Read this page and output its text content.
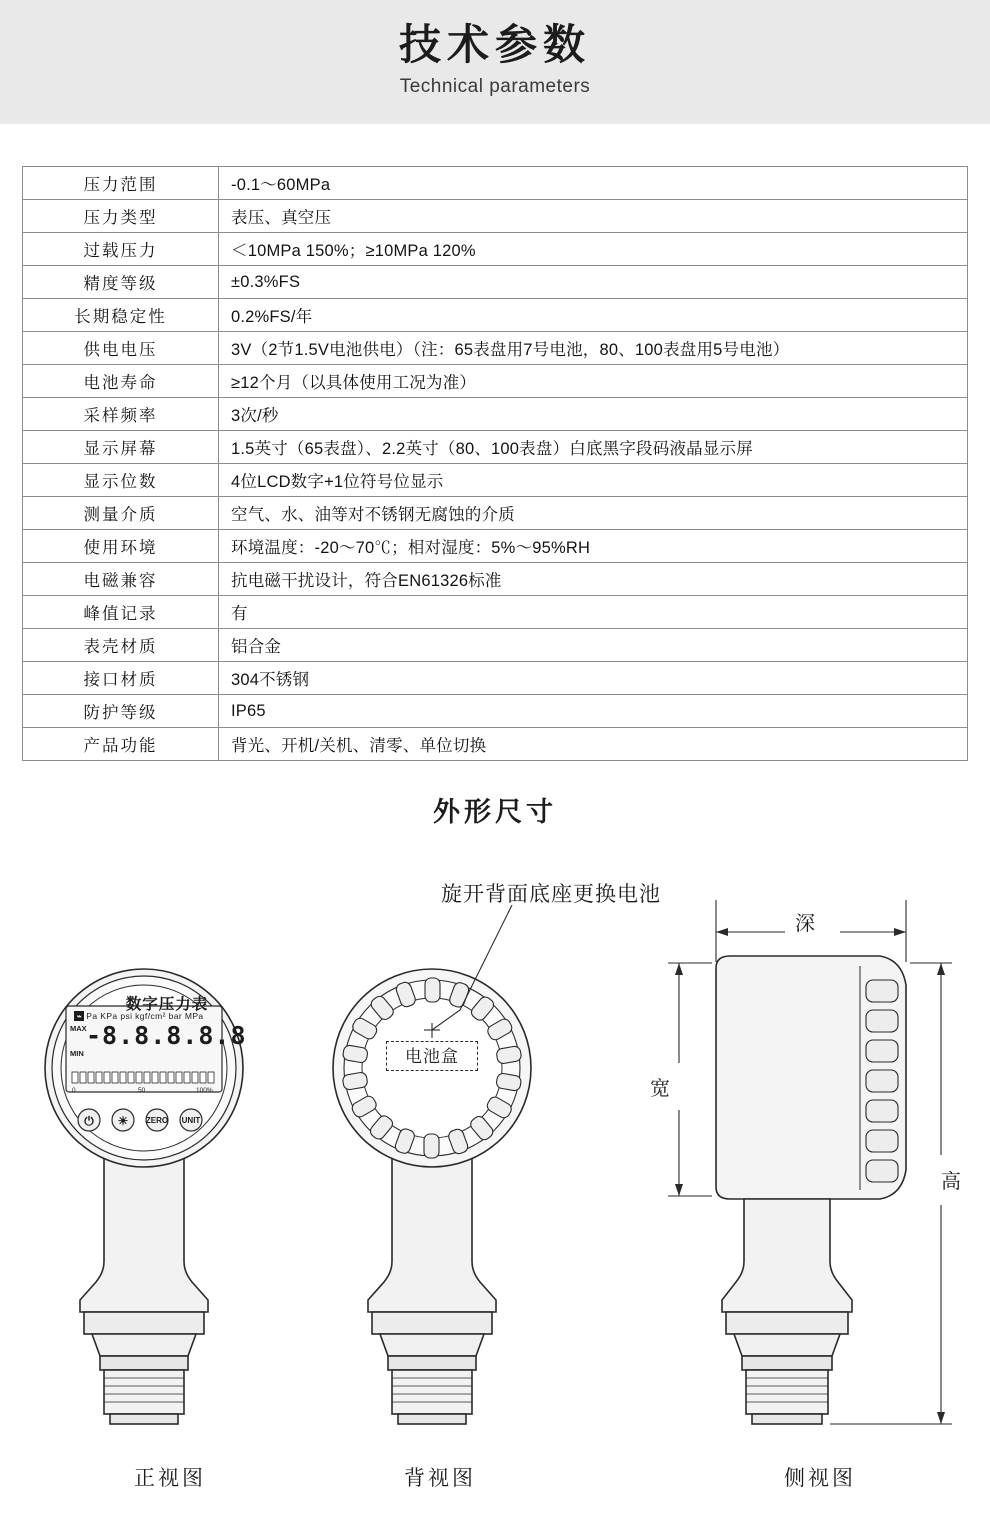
技术参数
Technical parameters
压力范围	-0.1～60MPa
压力类型	表压、真空压
过载压力	＜10MPa 150%；≥10MPa 120%
精度等级	±0.3%FS
长期稳定性	0.2%FS/年
供电电压	3V（2节1.5V电池供电）（注：65表盘用7号电池，80、100表盘用5号电池）
电池寿命	≥12个月（以具体使用工况为准）
采样频率	3次/秒
显示屏幕	1.5英寸（65表盘）、2.2英寸（80、100表盘）白底黑字段码液晶显示屏
显示位数	4位LCD数字+1位符号位显示
测量介质	空气、水、油等对不锈钢无腐蚀的介质
使用环境	环境温度：-20～70℃；相对湿度：5%～95%RH
电磁兼容	抗电磁干扰设计，符合EN61326标准
峰值记录	有
表壳材质	铝合金
接口材质	304不锈钢
防护等级	IP65
产品功能	背光、开机/关机、清零、单位切换
外形尺寸
旋开背面底座更换电池
电池盒
数字压力表
⌁ Pa KPa psi kgf/cm² bar MPa
MAX
MIN
-8.8.8.8.8
0	50	100%
⏻	☀	ZERO	UNIT
深
宽
高
正视图	背视图	侧视图
